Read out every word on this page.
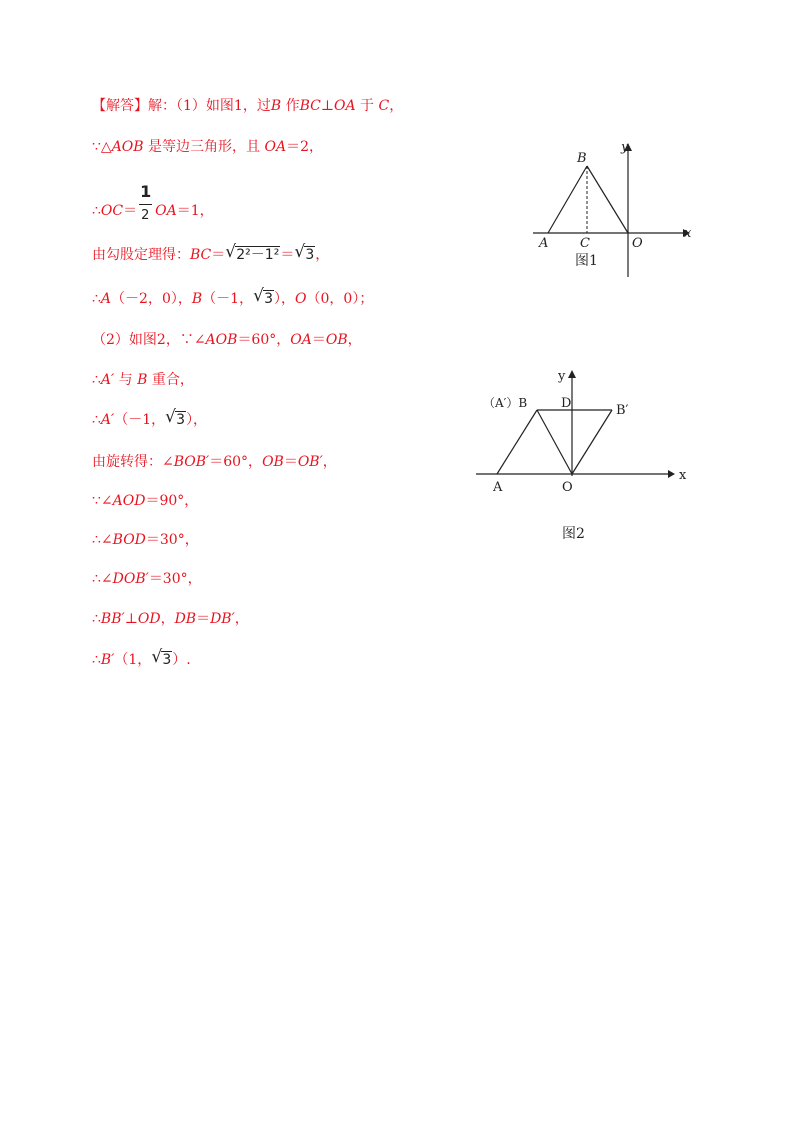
【解答】解：（1）如图1，过B 作BC⊥OA 于 C，
∵△AOB 是等边三角形，且 OA＝2，
∴OC＝ $\frac{1}{2} OA=1$，
由勾股定理得：BC＝ √ 2²－1²＝ √ 3，
∴A（－2，0），B（－1， √ 3），O（0，0）；
（2）如图2，∵∠AOB＝60°，OA＝OB，
∴A′ 与 B 重合，
∴A′（－1， √ 3），
由旋转得：∠BOB′＝60°，OB＝OB′，
∵∠AOD＝90°，
∴∠BOD＝30°，
∴∠DOB′＝30°，
∴BB′⊥OD，DB＝DB′，
∴B′（1， √ 3）.
y
x
B
A C	O
图1
y
x
（A′）B	D	B′
A	O
图2
